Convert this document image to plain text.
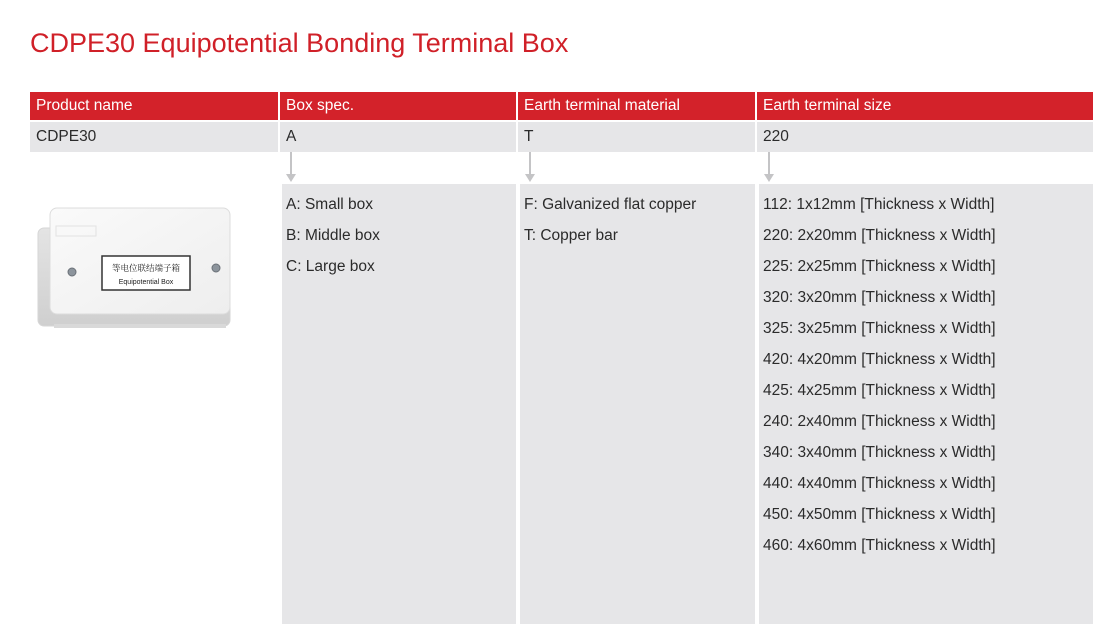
CDPE30 Equipotential Bonding Terminal Box
Product name	Box spec.	Earth terminal material	Earth terminal size
CDPE30	A	T	220
等电位联结端子箱
Equipotential Box
A: Small box
B: Middle box
C: Large box
F: Galvanized flat copper
T: Copper bar
112: 1x12mm [Thickness x Width]
220: 2x20mm [Thickness x Width]
225: 2x25mm [Thickness x Width]
320: 3x20mm [Thickness x Width]
325: 3x25mm [Thickness x Width]
420: 4x20mm [Thickness x Width]
425: 4x25mm [Thickness x Width]
240: 2x40mm [Thickness x Width]
340: 3x40mm [Thickness x Width]
440: 4x40mm [Thickness x Width]
450: 4x50mm [Thickness x Width]
460: 4x60mm [Thickness x Width]
